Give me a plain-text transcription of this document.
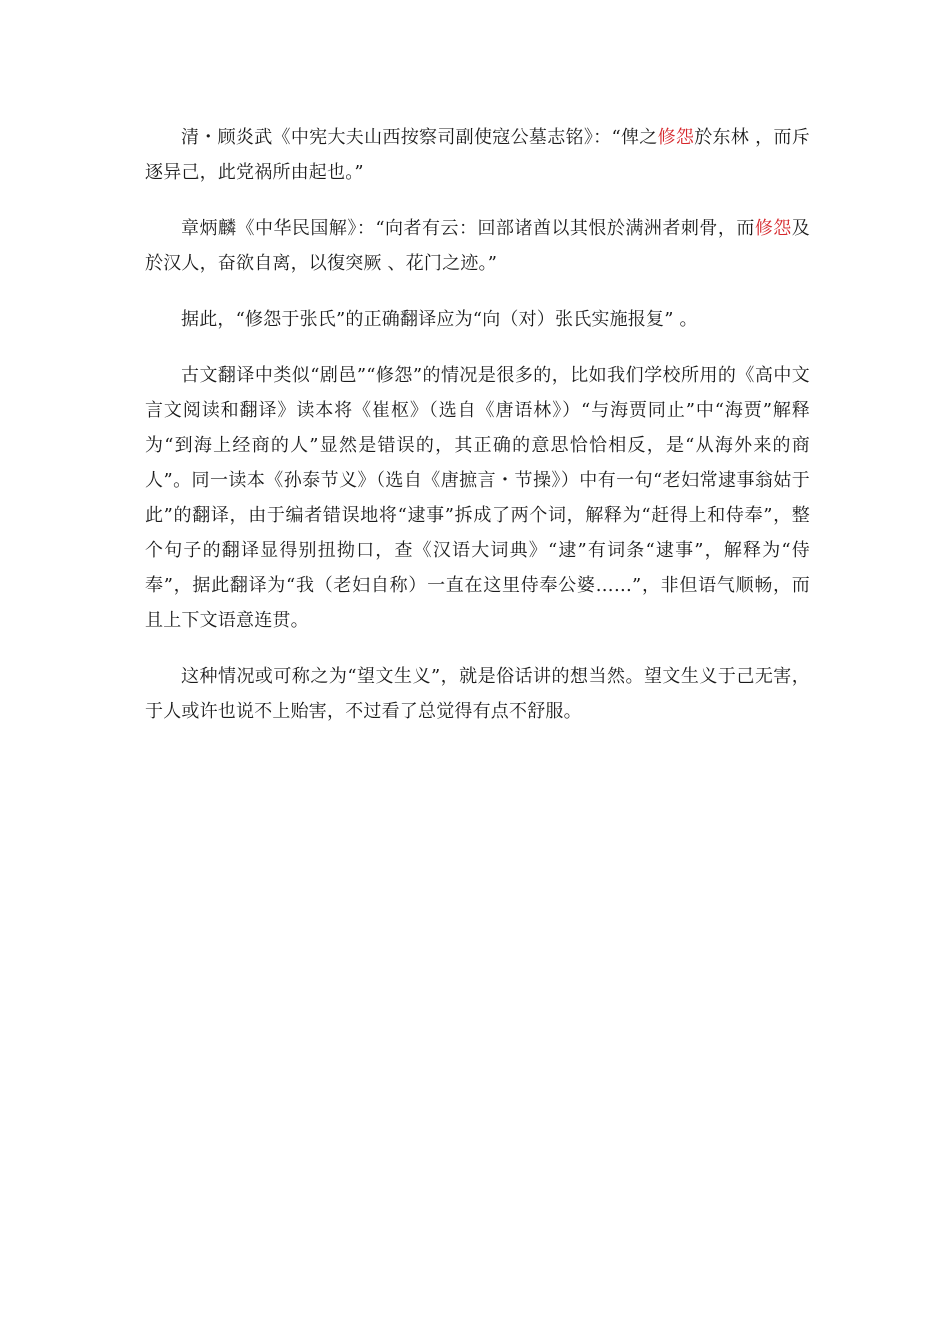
清・顾炎武《中宪大夫山西按察司副使寇公墓志铭》：“俾之修怨於东林 ，而斥逐异己，此党祸所由起也。”

章炳麟《中华民国解》：“向者有云：回部诸酋以其恨於满洲者刺骨，而修怨及於汉人，奋欲自离，以復突厥 、花门之迹。”

据此，“修怨于张氏”的正确翻译应为“向（对）张氏实施报复” 。

古文翻译中类似“剧邑”“修怨”的情况是很多的，比如我们学校所用的《高中文言文阅读和翻译》读本将《崔枢》（选自《唐语林》）“与海贾同止”中“海贾”解释为“到海上经商的人”显然是错误的，其正确的意思恰恰相反，是“从海外来的商人”。同一读本《孙泰节义》（选自《唐摭言・节操》）中有一句“老妇常逮事翁姑于此”的翻译，由于编者错误地将“逮事”拆成了两个词，解释为“赶得上和侍奉”，整个句子的翻译显得别扭拗口，查《汉语大词典》“逮”有词条“逮事”，解释为“侍奉”，据此翻译为“我（老妇自称）一直在这里侍奉公婆……”，非但语气顺畅，而且上下文语意连贯。

这种情况或可称之为“望文生义”，就是俗话讲的想当然。望文生义于己无害，于人或许也说不上贻害，不过看了总觉得有点不舒服。
